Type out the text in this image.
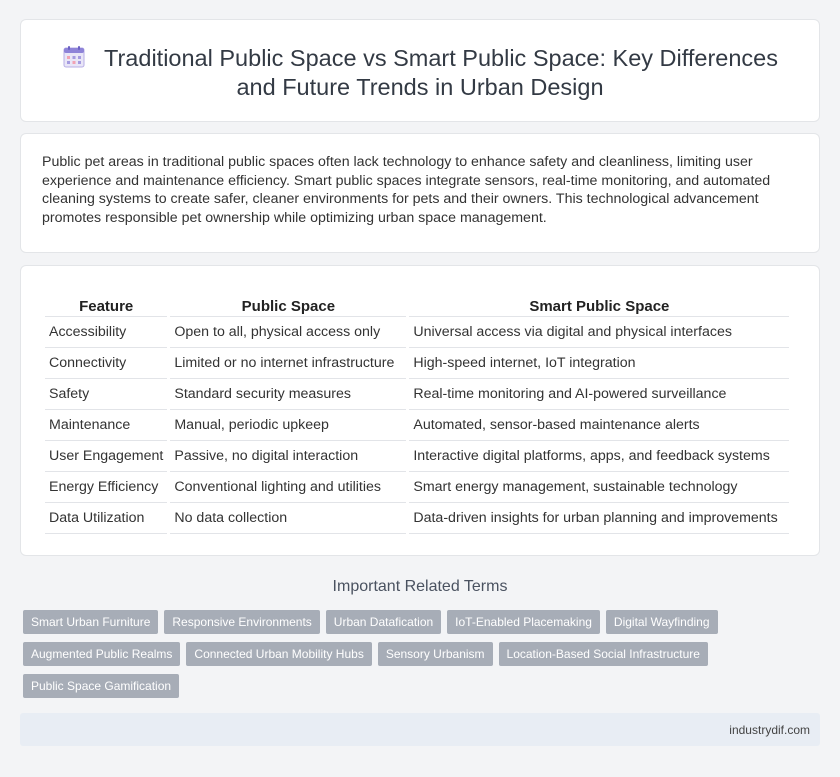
Traditional Public Space vs Smart Public Space: Key Differences and Future Trends in Urban Design

Public pet areas in traditional public spaces often lack technology to enhance safety and cleanliness, limiting user experience and maintenance efficiency. Smart public spaces integrate sensors, real-time monitoring, and automated cleaning systems to create safer, cleaner environments for pets and their owners. This technological advancement promotes responsible pet ownership while optimizing urban space management.

Feature	Public Space	Smart Public Space
Accessibility	Open to all, physical access only	Universal access via digital and physical interfaces
Connectivity	Limited or no internet infrastructure	High-speed internet, IoT integration
Safety	Standard security measures	Real-time monitoring and AI-powered surveillance
Maintenance	Manual, periodic upkeep	Automated, sensor-based maintenance alerts
User Engagement	Passive, no digital interaction	Interactive digital platforms, apps, and feedback systems
Energy Efficiency	Conventional lighting and utilities	Smart energy management, sustainable technology
Data Utilization	No data collection	Data-driven insights for urban planning and improvements
Important Related Terms
Smart Urban Furniture	Responsive Environments	Urban Datafication	IoT-Enabled Placemaking	Digital Wayfinding
Augmented Public Realms	Connected Urban Mobility Hubs	Sensory Urbanism	Location-Based Social Infrastructure
Public Space Gamification
industrydif.com
